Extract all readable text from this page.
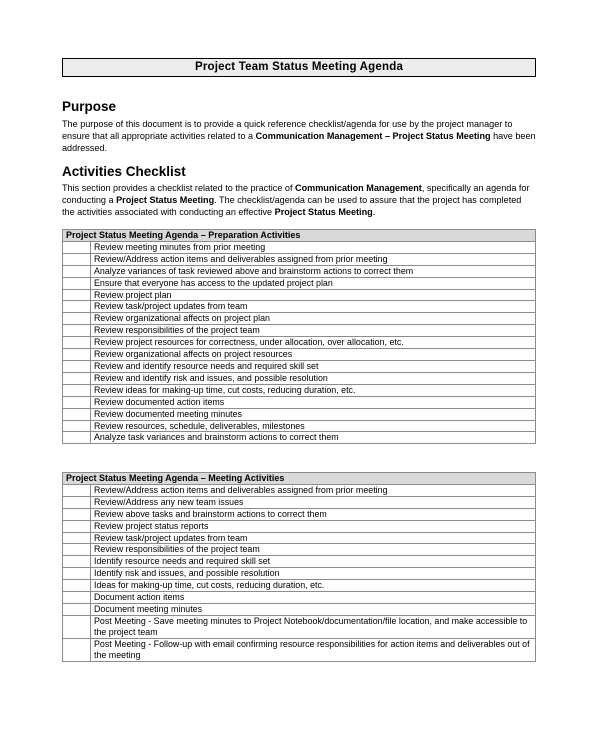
Project Team Status Meeting Agenda
Purpose
The purpose of this document is to provide a quick reference checklist/agenda for use by the project manager to ensure that all appropriate activities related to a Communication Management – Project Status Meeting have been addressed.
Activities Checklist
This section provides a checklist related to the practice of Communication Management, specifically an agenda for conducting a Project Status Meeting. The checklist/agenda can be used to assure that the project has completed the activities associated with conducting an effective Project Status Meeting.
Project Status Meeting Agenda – Preparation Activities	
	Review meeting minutes from prior meeting
	Review/Address action items and deliverables assigned from prior meeting
	Analyze variances of task reviewed above and brainstorm actions to correct them
	Ensure that everyone has access to the updated project plan
	Review project plan
	Review task/project updates from team
	Review organizational affects on project plan
	Review responsibilities of the project team
	Review project resources for correctness, under allocation, over allocation, etc.
	Review organizational affects on project resources
	Review and identify resource needs and required skill set
	Review and identify risk and issues, and possible resolution
	Review ideas for making-up time, cut costs, reducing duration, etc.
	Review documented action items
	Review documented meeting minutes
	Review resources, schedule, deliverables, milestones
	Analyze task variances and brainstorm actions to correct them
Project Status Meeting Agenda – Meeting Activities	
	Review/Address action items and deliverables assigned from prior meeting
	Review/Address any new team issues
	Review above tasks and brainstorm actions to correct them
	Review project status reports
	Review task/project updates from team
	Review responsibilities of the project team
	Identify resource needs and required skill set
	Identify risk and issues, and possible resolution
	Ideas for making-up time, cut costs, reducing duration, etc.
	Document action items
	Document meeting minutes
	Post Meeting - Save meeting minutes to Project Notebook/documentation/file location, and make accessible to the project team
	Post Meeting - Follow-up with email confirming resource responsibilities for action items and deliverables out of the meeting
